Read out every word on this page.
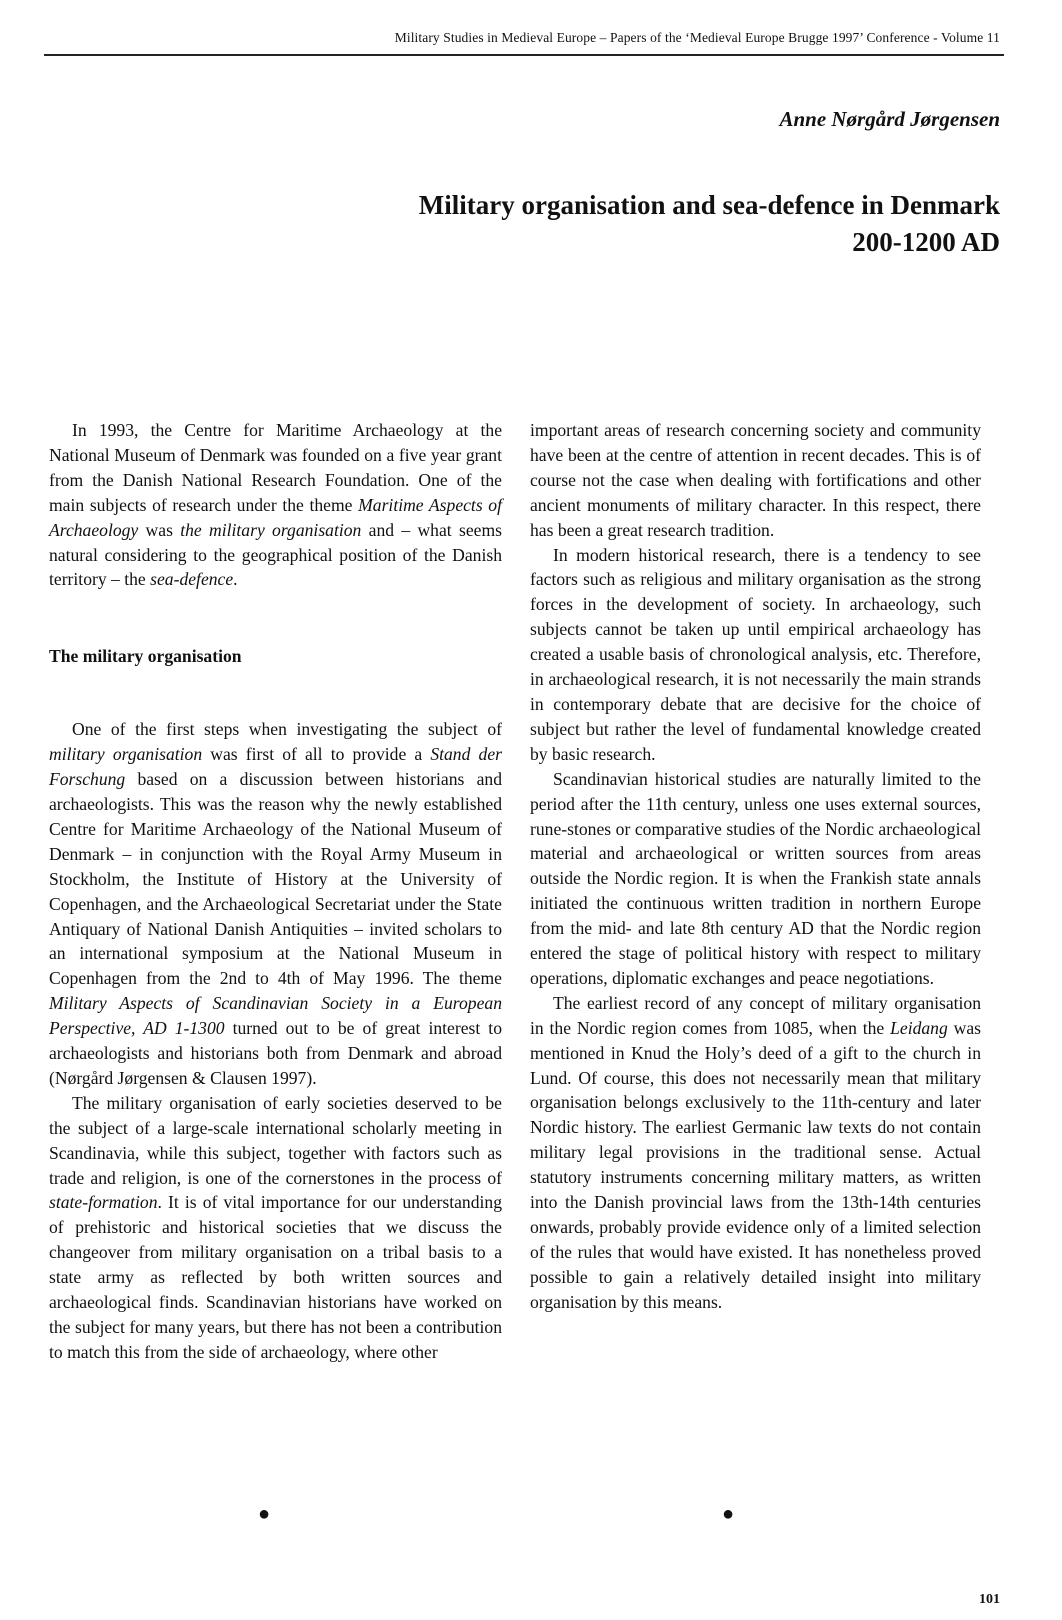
Military Studies in Medieval Europe – Papers of the ‘Medieval Europe Brugge 1997’ Conference - Volume 11
Anne Nørgård Jørgensen
Military organisation and sea-defence in Denmark
200-1200 AD

In 1993, the Centre for Maritime Archaeology at the National Museum of Denmark was founded on a five year grant from the Danish National Research Foundation. One of the main subjects of research under the theme Maritime Aspects of Archaeology was the military organisation and – what seems natural considering to the geographical position of the Danish territory – the sea-defence.

The military organisation

One of the first steps when investigating the subject of military organisation was first of all to provide a Stand der Forschung based on a discussion between historians and archaeologists. This was the reason why the newly established Centre for Maritime Archaeology of the National Museum of Denmark – in conjunction with the Royal Army Museum in Stockholm, the Institute of History at the University of Copenhagen, and the Archaeological Secretariat under the State Antiquary of National Danish Antiquities – invited scholars to an international symposium at the National Museum in Copenhagen from the 2nd to 4th of May 1996. The theme Military Aspects of Scandinavian Society in a European Perspective, AD 1-1300 turned out to be of great interest to archaeologists and historians both from Denmark and abroad (Nørgård Jørgensen & Clausen 1997).

The military organisation of early societies deserved to be the subject of a large-scale international scholarly meeting in Scandinavia, while this subject, together with factors such as trade and religion, is one of the cornerstones in the process of state-formation. It is of vital importance for our understanding of prehistoric and historical societies that we discuss the changeover from military organisation on a tribal basis to a state army as reflected by both written sources and archaeological finds. Scandinavian historians have worked on the subject for many years, but there has not been a contribution to match this from the side of archaeology, where other

important areas of research concerning society and community have been at the centre of attention in recent decades. This is of course not the case when dealing with fortifications and other ancient monuments of military character. In this respect, there has been a great research tradition.

In modern historical research, there is a tendency to see factors such as religious and military organisation as the strong forces in the development of society. In archaeology, such subjects cannot be taken up until empirical archaeology has created a usable basis of chronological analysis, etc. Therefore, in archaeological research, it is not necessarily the main strands in contemporary debate that are decisive for the choice of subject but rather the level of fundamental knowledge created by basic research.

Scandinavian historical studies are naturally limited to the period after the 11th century, unless one uses external sources, rune-stones or comparative studies of the Nordic archaeological material and archaeological or written sources from areas outside the Nordic region. It is when the Frankish state annals initiated the continuous written tradition in northern Europe from the mid- and late 8th century AD that the Nordic region entered the stage of political history with respect to military operations, diplomatic exchanges and peace negotiations.

The earliest record of any concept of military organisation in the Nordic region comes from 1085, when the Leidang was mentioned in Knud the Holy’s deed of a gift to the church in Lund. Of course, this does not necessarily mean that military organisation belongs exclusively to the 11th-century and later Nordic history. The earliest Germanic law texts do not contain military legal provisions in the traditional sense. Actual statutory instruments concerning military matters, as written into the Danish provincial laws from the 13th-14th centuries onwards, probably provide evidence only of a limited selection of the rules that would have existed. It has nonetheless proved possible to gain a relatively detailed insight into military organisation by this means.

●	●
101
